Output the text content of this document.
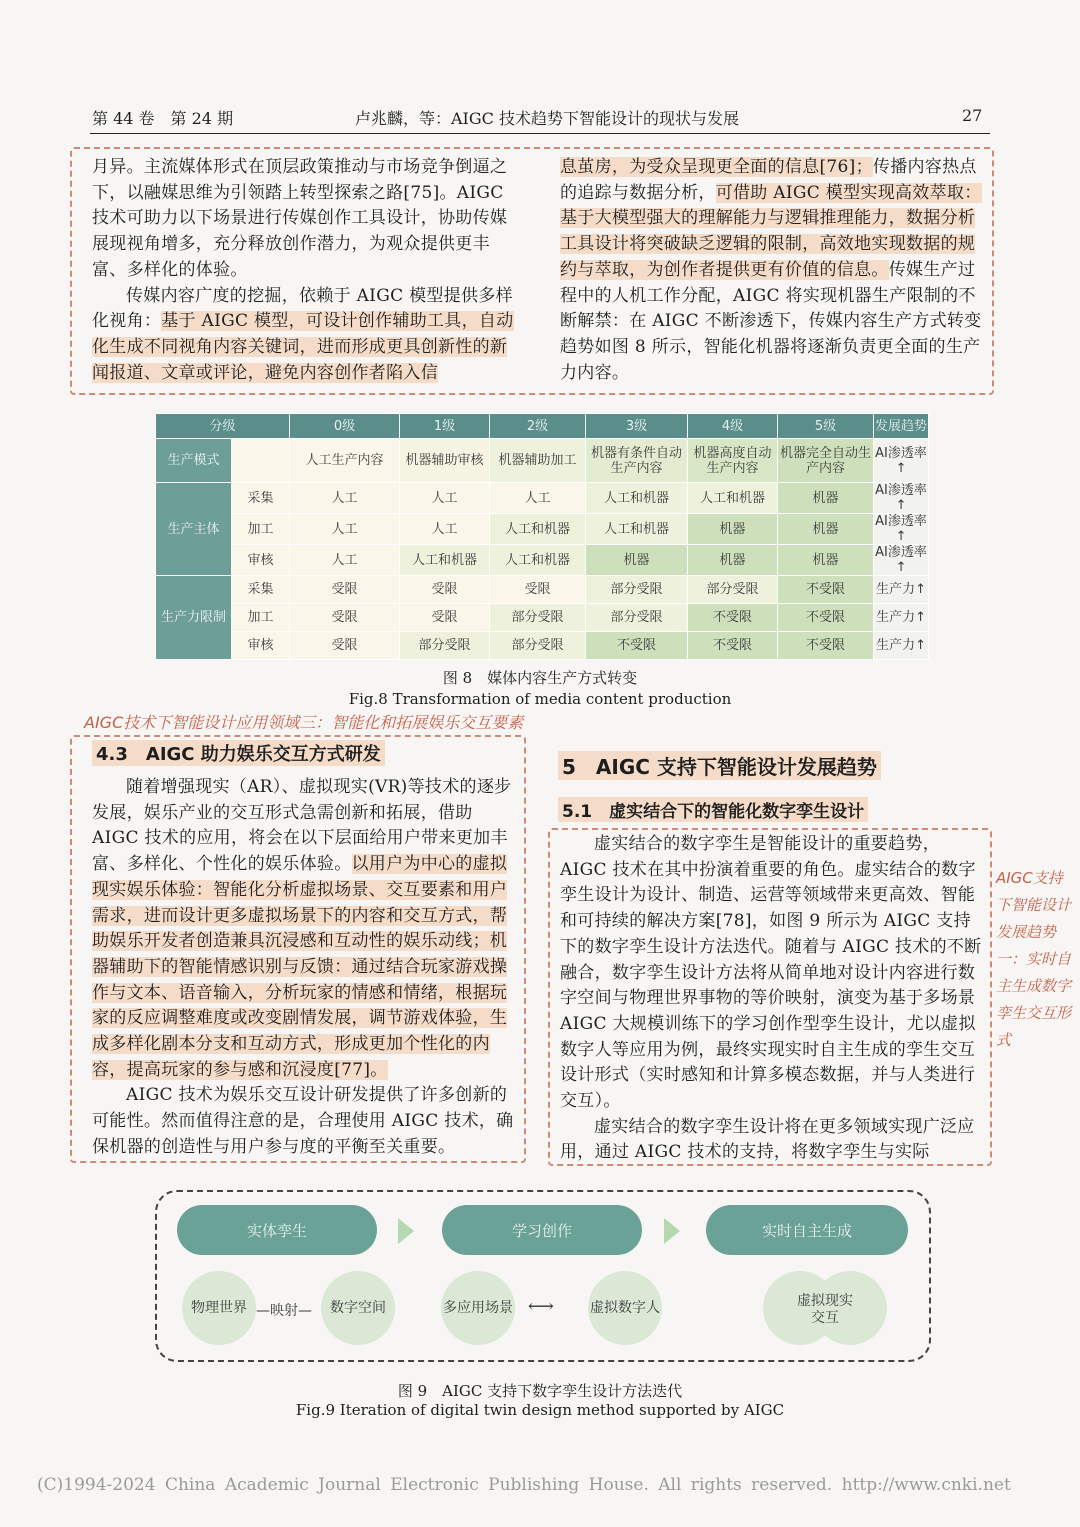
第 44 卷　第 24 期	卢兆麟，等：AIGC 技术趋势下智能设计的现状与发展	27

月异。主流媒体形式在顶层政策推动与市场竞争倒逼之下，以融媒思维为引领踏上转型探索之路[75]。AIGC 技术可助力以下场景进行传媒创作工具设计，协助传媒展现视角增多，充分释放创作潜力，为观众提供更丰富、多样化的体验。

传媒内容广度的挖掘，依赖于 AIGC 模型提供多样化视角：基于 AIGC 模型，可设计创作辅助工具，自动化生成不同视角内容关键词，进而形成更具创新性的新闻报道、文章或评论，避免内容创作者陷入信

息茧房，为受众呈现更全面的信息[76]；传播内容热点的追踪与数据分析，可借助 AIGC 模型实现高效萃取：基于大模型强大的理解能力与逻辑推理能力，数据分析工具设计将突破缺乏逻辑的限制，高效地实现数据的规约与萃取，为创作者提供更有价值的信息。传媒生产过程中的人机工作分配，AIGC 将实现机器生产限制的不断解禁：在 AIGC 不断渗透下，传媒内容生产方式转变趋势如图 8 所示，智能化机器将逐渐负责更全面的生产力内容。

分级		0级	1级	2级	3级	4级	5级	发展趋势
生产模式		人工生产内容	机器辅助审核	机器辅助加工	机器有条件自动生产内容	机器高度自动生产内容	机器完全自动生产内容	AI渗透率↑
生产主体	采集	人工	人工	人工	人工和机器	人工和机器	机器	AI渗透率↑
	加工	人工	人工	人工和机器	人工和机器	机器	机器	AI渗透率↑
	审核	人工	人工和机器	人工和机器	机器	机器	机器	AI渗透率↑
生产力限制	采集	受限	受限	受限	部分受限	部分受限	不受限	生产力↑
	加工	受限	受限	部分受限	部分受限	不受限	不受限	生产力↑
	审核	受限	部分受限	部分受限	不受限	不受限	不受限	生产力↑
图 8　媒体内容生产方式转变
Fig.8 Transformation of media content production
AIGC技术下智能设计应用领域三：智能化和拓展娱乐交互要素
4.3　AIGC 助力娱乐交互方式研发

随着增强现实（AR）、虚拟现实(VR)等技术的逐步发展，娱乐产业的交互形式急需创新和拓展，借助 AIGC 技术的应用，将会在以下层面给用户带来更加丰富、多样化、个性化的娱乐体验。以用户为中心的虚拟现实娱乐体验：智能化分析虚拟场景、交互要素和用户需求，进而设计更多虚拟场景下的内容和交互方式，帮助娱乐开发者创造兼具沉浸感和互动性的娱乐动线；机器辅助下的智能情感识别与反馈：通过结合玩家游戏操作与文本、语音输入，分析玩家的情感和情绪，根据玩家的反应调整难度或改变剧情发展，调节游戏体验，生成多样化剧本分支和互动方式，形成更加个性化的内容，提高玩家的参与感和沉浸度[77]。

AIGC 技术为娱乐交互设计研发提供了许多创新的可能性。然而值得注意的是，合理使用 AIGC 技术，确保机器的创造性与用户参与度的平衡至关重要。

5　AIGC 支持下智能设计发展趋势
5.1　虚实结合下的智能化数字孪生设计

虚实结合的数字孪生是智能设计的重要趋势，AIGC 技术在其中扮演着重要的角色。虚实结合的数字孪生设计为设计、制造、运营等领域带来更高效、智能和可持续的解决方案[78]，如图 9 所示为 AIGC 支持下的数字孪生设计方法迭代。随着与 AIGC 技术的不断融合，数字孪生设计方法将从简单地对设计内容进行数字空间与物理世界事物的等价映射，演变为基于多场景 AIGC 大规模训练下的学习创作型孪生设计，尤以虚拟数字人等应用为例，最终实现实时自主生成的孪生交互设计形式（实时感知和计算多模态数据，并与人类进行交互）。

虚实结合的数字孪生设计将在更多领域实现广泛应用，通过 AIGC 技术的支持，将数字孪生与实际

AIGC支持下智能设计发展趋势一：实时自主生成数字孪生交互形式
实体孪生	学习创作	实时自主生成
物理世界 —映射—	数字空间	多应用场景 ⟷	虚拟数字人	虚拟现实交互
图 9　AIGC 支持下数字孪生设计方法迭代
Fig.9 Iteration of digital twin design method supported by AIGC
(C)1994-2024 China Academic Journal Electronic Publishing House. All rights reserved. http://www.cnki.net
